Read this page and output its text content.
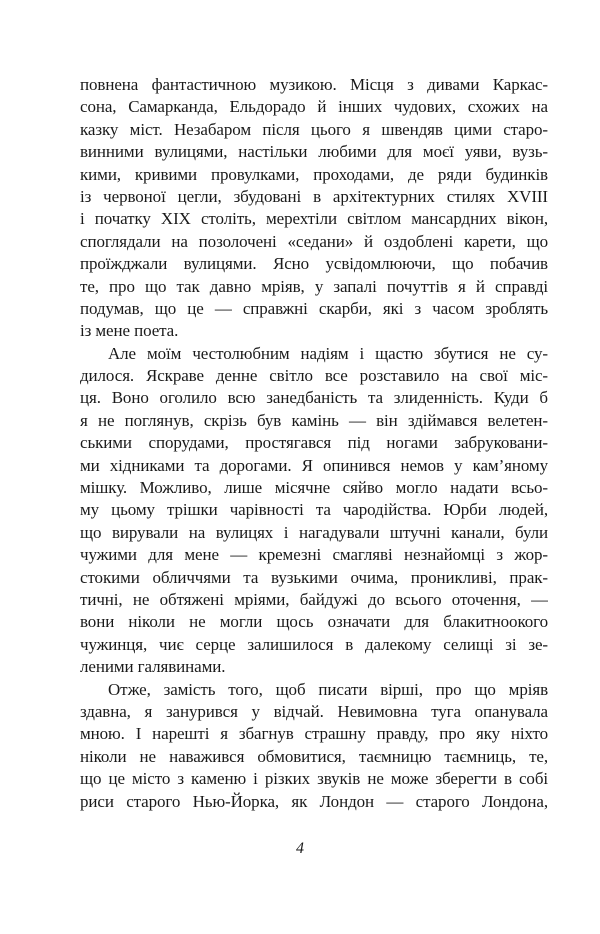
повнена фантастичною музикою. Місця з дивами Каркас-
сона, Самарканда, Ельдорадо й інших чудових, схожих на
казку міст. Незабаром після цього я швендяв цими старо-
винними вулицями, настільки любими для моєї уяви, вузь-
кими, кривими провулками, проходами, де ряди будинків
із червоної цегли, збудовані в архітектурних стилях XVIII
і початку XIX століть, мерехтіли світлом мансардних вікон,
споглядали на позолочені «седани» й оздоблені карети, що
проїжджали вулицями. Ясно усвідомлюючи, що побачив
те, про що так давно мріяв, у запалі почуттів я й справді
подумав, що це — справжні скарби, які з часом зроблять
із мене поета.
Але моїм честолюбним надіям і щастю збутися не су-
дилося. Яскраве денне світло все розставило на свої міс-
ця. Воно оголило всю занедбаність та злиденність. Куди б
я не поглянув, скрізь був камінь — він здіймався велетен-
ськими спорудами, простягався під ногами забруковани-
ми хідниками та дорогами. Я опинився немов у кам’яному
мішку. Можливо, лише місячне сяйво могло надати всьо-
му цьому трішки чарівності та чародійства. Юрби людей,
що вирували на вулицях і нагадували штучні канали, були
чужими для мене — кремезні смагляві незнайомці з жор-
стокими обличчями та вузькими очима, проникливі, прак-
тичні, не обтяжені мріями, байдужі до всього оточення, —
вони ніколи не могли щось означати для блакитноокого
чужинця, чиє серце залишилося в далекому селищі зі зе-
леними галявинами.
Отже, замість того, щоб писати вірші, про що мріяв
здавна, я занурився у відчай. Невимовна туга опанувала
мною. І нарешті я збагнув страшну правду, про яку ніхто
ніколи не наважився обмовитися, таємницю таємниць, те,
що це місто з каменю і різких звуків не може зберегти в собі
риси старого Нью-Йорка, як Лондон — старого Лондона,
4
